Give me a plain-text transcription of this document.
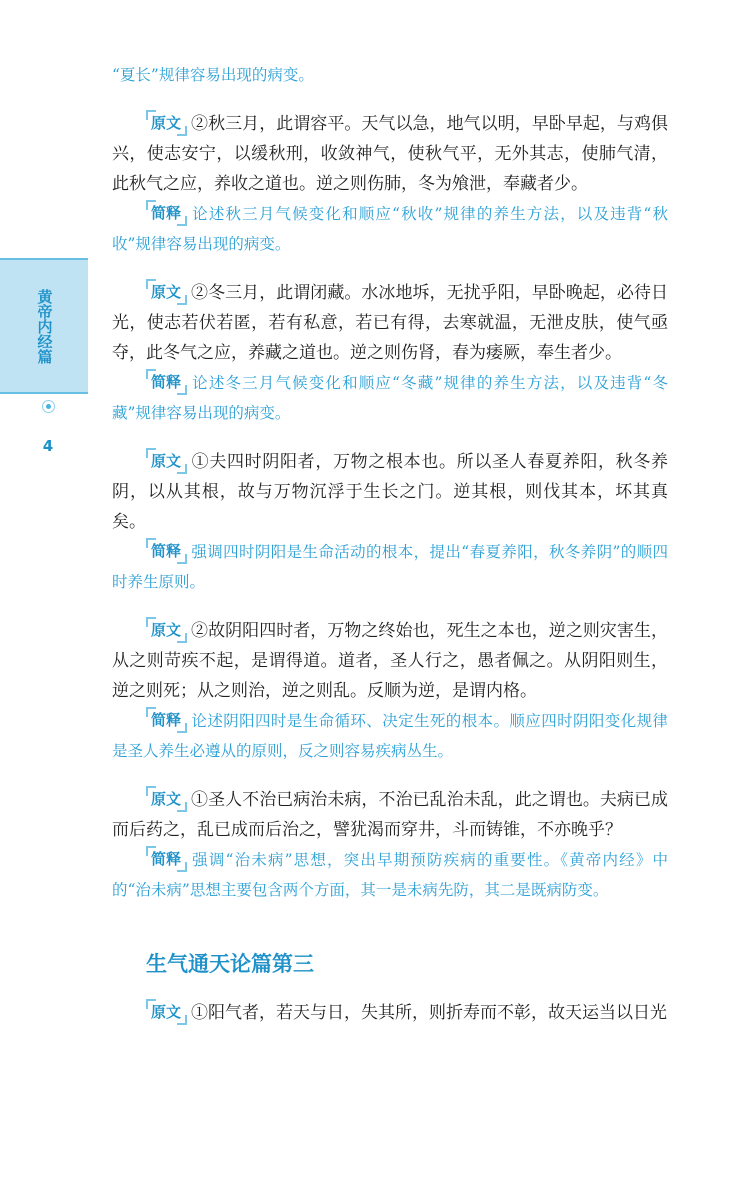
黄帝内经篇
4

“夏长”规律容易出现的病变。

原文 ②秋三月，此谓容平。天气以急，地气以明，早卧早起，与鸡俱兴，使志安宁，以缓秋刑，收敛神气，使秋气平，无外其志，使肺气清，此秋气之应，养收之道也。逆之则伤肺，冬为飧泄，奉藏者少。

简释 论述秋三月气候变化和顺应“秋收”规律的养生方法，以及违背“秋收”规律容易出现的病变。

原文 ②冬三月，此谓闭藏。水冰地坼，无扰乎阳，早卧晚起，必待日光，使志若伏若匿，若有私意，若已有得，去寒就温，无泄皮肤，使气亟夺，此冬气之应，养藏之道也。逆之则伤肾，春为痿厥，奉生者少。

简释 论述冬三月气候变化和顺应“冬藏”规律的养生方法，以及违背“冬藏”规律容易出现的病变。

原文 ①夫四时阴阳者，万物之根本也。所以圣人春夏养阳，秋冬养阴，以从其根，故与万物沉浮于生长之门。逆其根，则伐其本，坏其真矣。

简释 强调四时阴阳是生命活动的根本，提出“春夏养阳，秋冬养阴”的顺四时养生原则。

原文 ②故阴阳四时者，万物之终始也，死生之本也，逆之则灾害生，从之则苛疾不起，是谓得道。道者，圣人行之，愚者佩之。从阴阳则生，逆之则死；从之则治，逆之则乱。反顺为逆，是谓内格。

简释 论述阴阳四时是生命循环、决定生死的根本。顺应四时阴阳变化规律是圣人养生必遵从的原则，反之则容易疾病丛生。

原文 ①圣人不治已病治未病，不治已乱治未乱，此之谓也。夫病已成而后药之，乱已成而后治之，譬犹渴而穿井，斗而铸锥，不亦晚乎？

简释 强调“治未病”思想，突出早期预防疾病的重要性。《黄帝内经》中的“治未病”思想主要包含两个方面，其一是未病先防，其二是既病防变。

生气通天论篇第三

原文 ①阳气者，若天与日，失其所，则折寿而不彰，故天运当以日光
